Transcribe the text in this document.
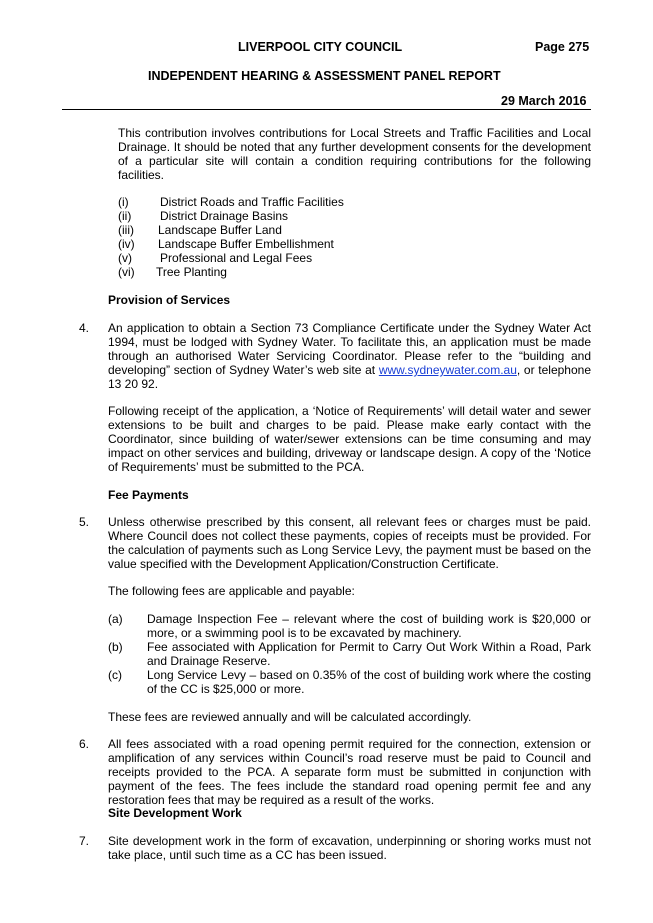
LIVERPOOL CITY COUNCIL	Page 275
INDEPENDENT HEARING & ASSESSMENT PANEL REPORT
29 March 2016
This contribution involves contributions for Local Streets and Traffic Facilities and Local Drainage. It should be noted that any further development consents for the development of a particular site will contain a condition requiring contributions for the following facilities.
(i)	District Roads and Traffic Facilities
(ii) District Drainage Basins
(iii) Landscape Buffer Land
(iv) Landscape Buffer Embellishment
(v) Professional and Legal Fees
(vi) Tree Planting
Provision of Services
4. An application to obtain a Section 73 Compliance Certificate under the Sydney Water Act 1994, must be lodged with Sydney Water. To facilitate this, an application must be made through an authorised Water Servicing Coordinator. Please refer to the “building and developing” section of Sydney Water’s web site at www.sydneywater.com.au, or telephone 13 20 92.
Following receipt of the application, a ‘Notice of Requirements’ will detail water and sewer extensions to be built and charges to be paid. Please make early contact with the Coordinator, since building of water/sewer extensions can be time consuming and may impact on other services and building, driveway or landscape design. A copy of the ‘Notice of Requirements’ must be submitted to the PCA.
Fee Payments
5. Unless otherwise prescribed by this consent, all relevant fees or charges must be paid. Where Council does not collect these payments, copies of receipts must be provided. For the calculation of payments such as Long Service Levy, the payment must be based on the value specified with the Development Application/Construction Certificate.
The following fees are applicable and payable:
(a) Damage Inspection Fee – relevant where the cost of building work is $20,000 or more, or a swimming pool is to be excavated by machinery.
(b) Fee associated with Application for Permit to Carry Out Work Within a Road, Park and Drainage Reserve.
(c) Long Service Levy – based on 0.35% of the cost of building work where the costing of the CC is $25,000 or more.
These fees are reviewed annually and will be calculated accordingly.
6. All fees associated with a road opening permit required for the connection, extension or amplification of any services within Council’s road reserve must be paid to Council and receipts provided to the PCA. A separate form must be submitted in conjunction with payment of the fees. The fees include the standard road opening permit fee and any restoration fees that may be required as a result of the works.
Site Development Work
7. Site development work in the form of excavation, underpinning or shoring works must not take place, until such time as a CC has been issued.
